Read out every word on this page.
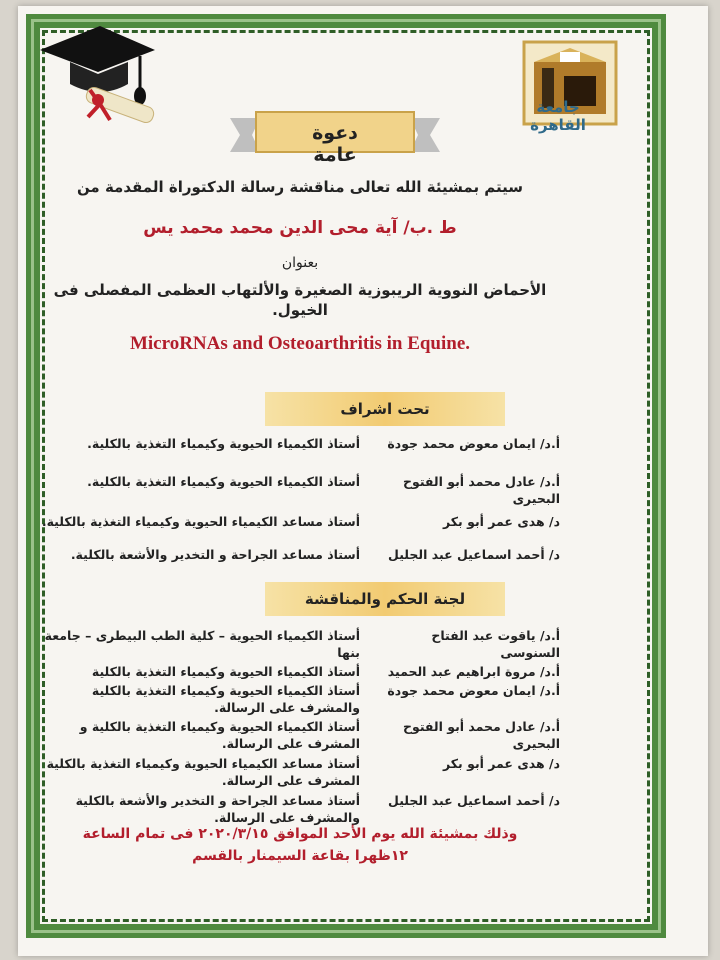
جامعة القاهرة
دعوة عامة
سيتم بمشيئة الله تعالى مناقشة رسالة الدكتوراة المقدمة من
ط .ب/ آية محى الدين محمد محمد يس
بعنوان
الأحماض النووية الريبوزية الصغيرة والألتهاب العظمى المفصلى فى
الخيول.
MicroRNAs and Osteoarthritis in Equine.
تحت اشراف
أ.د/ ايمان معوض محمد جودة
أستاذ الكيمياء الحيوية وكيمياء التغذية بالكلية.
أ.د/ عادل محمد أبو الفتوح البحيرى
أستاذ الكيمياء الحيوية وكيمياء التغذية بالكلية.
د/ هدى عمر أبو بكر
أستاذ مساعد الكيمياء الحيوية وكيمياء التغذية بالكلية.
د/ أحمد اسماعيل عبد الجليل
أستاذ مساعد الجراحة و التخدير والأشعة بالكلية.
لجنة الحكم والمناقشة
أ.د/ ياقوت عبد الفتاح السنوسى
أستاذ الكيمياء الحيوية – كلية الطب البيطرى – جامعة بنها
أ.د/ مروة ابراهيم عبد الحميد
أستاذ الكيمياء الحيوية وكيمياء التغذية بالكلية
أ.د/ ايمان معوض محمد جودة
أستاذ الكيمياء الحيوية وكيمياء التغذية بالكلية والمشرف على الرسالة.
أ.د/ عادل محمد أبو الفتوح البحيرى
أستاذ الكيمياء الحيوية وكيمياء التغذية بالكلية و المشرف على الرسالة.
د/ هدى عمر أبو بكر
أستاذ مساعد الكيمياء الحيوية وكيمياء التغذية بالكلية المشرف على الرسالة.
د/ أحمد اسماعيل عبد الجليل
أستاذ مساعد الجراحة و التخدير والأشعة بالكلية والمشرف على الرسالة.
وذلك بمشيئة الله يوم الأحد الموافق ٢٠٢٠/٣/١٥ فى تمام الساعة
١٢ظهرا بقاعة السيمنار بالقسم
